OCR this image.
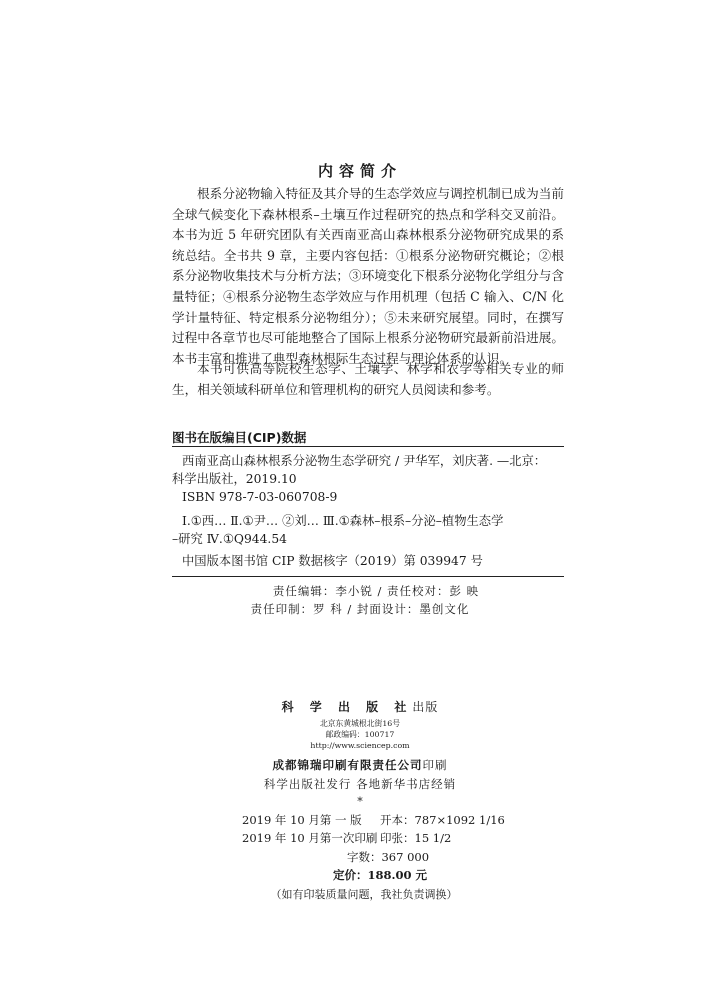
内容简介
根系分泌物输入特征及其介导的生态学效应与调控机制已成为当前全球气候变化下森林根系–土壤互作过程研究的热点和学科交叉前沿。本书为近 5 年研究团队有关西南亚高山森林根系分泌物研究成果的系统总结。全书共 9 章，主要内容包括：①根系分泌物研究概论；②根系分泌物收集技术与分析方法；③环境变化下根系分泌物化学组分与含量特征；④根系分泌物生态学效应与作用机理（包括 C 输入、C/N 化学计量特征、特定根系分泌物组分）；⑤未来研究展望。同时，在撰写过程中各章节也尽可能地整合了国际上根系分泌物研究最新前沿进展。本书丰富和推进了典型森林根际生态过程与理论体系的认识。
本书可供高等院校生态学、土壤学、林学和农学等相关专业的师生，相关领域科研单位和管理机构的研究人员阅读和参考。
图书在版编目(CIP)数据
西南亚高山森林根系分泌物生态学研究 / 尹华军，刘庆著. —北京：
科学出版社，2019.10
ISBN 978-7-03-060708-9
Ⅰ.①西… Ⅱ.①尹… ②刘… Ⅲ.①森林–根系–分泌–植物生态学
–研究 Ⅳ.①Q944.54
中国版本图书馆 CIP 数据核字（2019）第 039947 号
责任编辑：李小锐 / 责任校对：彭 映
责任印制：罗 科 / 封面设计：墨创文化
科 学 出 版 社出版
北京东黄城根北街16号
邮政编码：100717
http://www.sciencep.com
成都锦瑞印刷有限责任公司印刷
科学出版社发行 各地新华书店经销
*
2019 年 10 月第 一 版 开本：787×1092 1/16
2019 年 10 月第一次印刷 印张：15 1/2
字数：367 000
定价：188.00 元
（如有印装质量问题，我社负责调换）
